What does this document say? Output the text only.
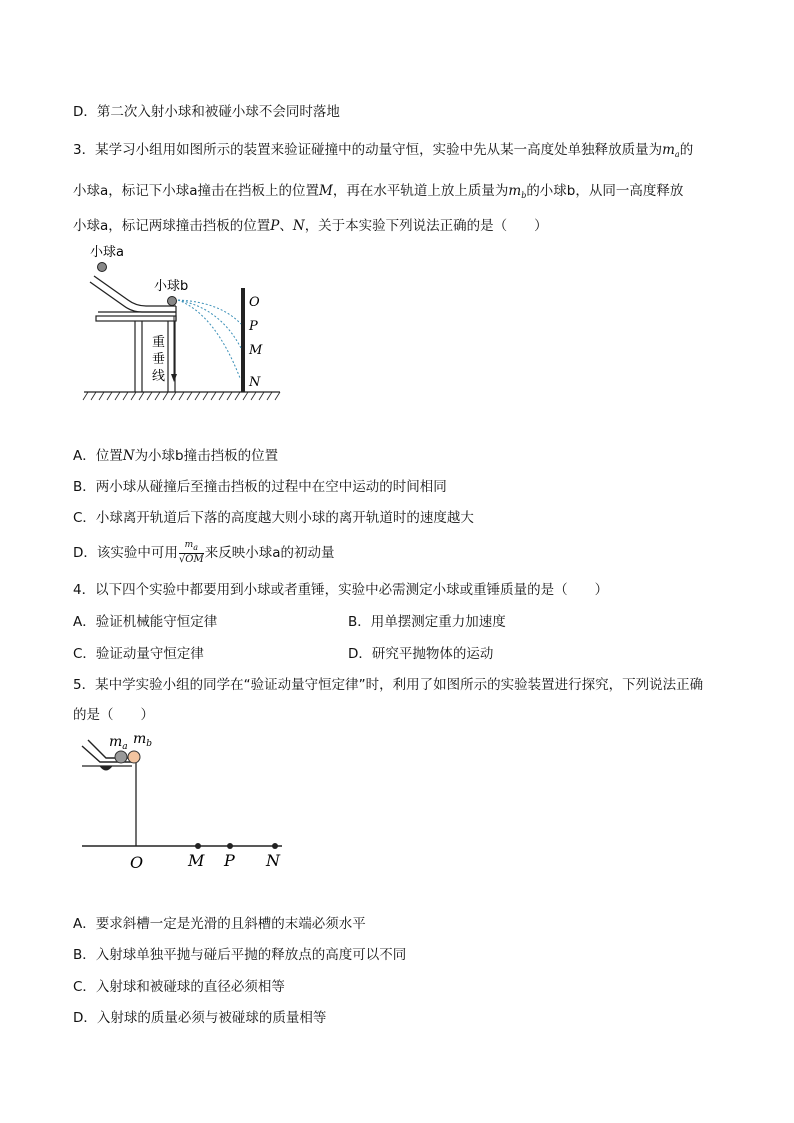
D．第二次入射小球和被碰小球不会同时落地
3．某学习小组用如图所示的装置来验证碰撞中的动量守恒，实验中先从某一高度处单独释放质量为$m_a$的
小球a，标记下小球a撞击在挡板上的位置M，再在水平轨道上放上质量为$m_b$的小球b，从同一高度释放
小球a，标记两球撞击挡板的位置P、N，关于本实验下列说法正确的是（　　）
小球a
小球b
重
垂
线
O
P
M
N
A．位置N为小球b撞击挡板的位置
B．两小球从碰撞后至撞击挡板的过程中在空中运动的时间相同
C．小球离开轨道后下落的高度越大则小球的离开轨道时的速度越大
D．该实验中可用 $\frac{ma}{√OM}$ 来反映小球a的初动量
4．以下四个实验中都要用到小球或者重锤，实验中必需测定小球或重锤质量的是（　　）
A．验证机械能守恒定律	B．用单摆测定重力加速度
C．验证动量守恒定律	D．研究平抛物体的运动
5．某中学实验小组的同学在“验证动量守恒定律”时，利用了如图所示的实验装置进行探究，下列说法正确
的是（　　）
$m_a$ $m_b$
O	M P N
A．要求斜槽一定是光滑的且斜槽的末端必须水平
B．入射球单独平抛与碰后平抛的释放点的高度可以不同
C．入射球和被碰球的直径必须相等
D．入射球的质量必须与被碰球的质量相等
